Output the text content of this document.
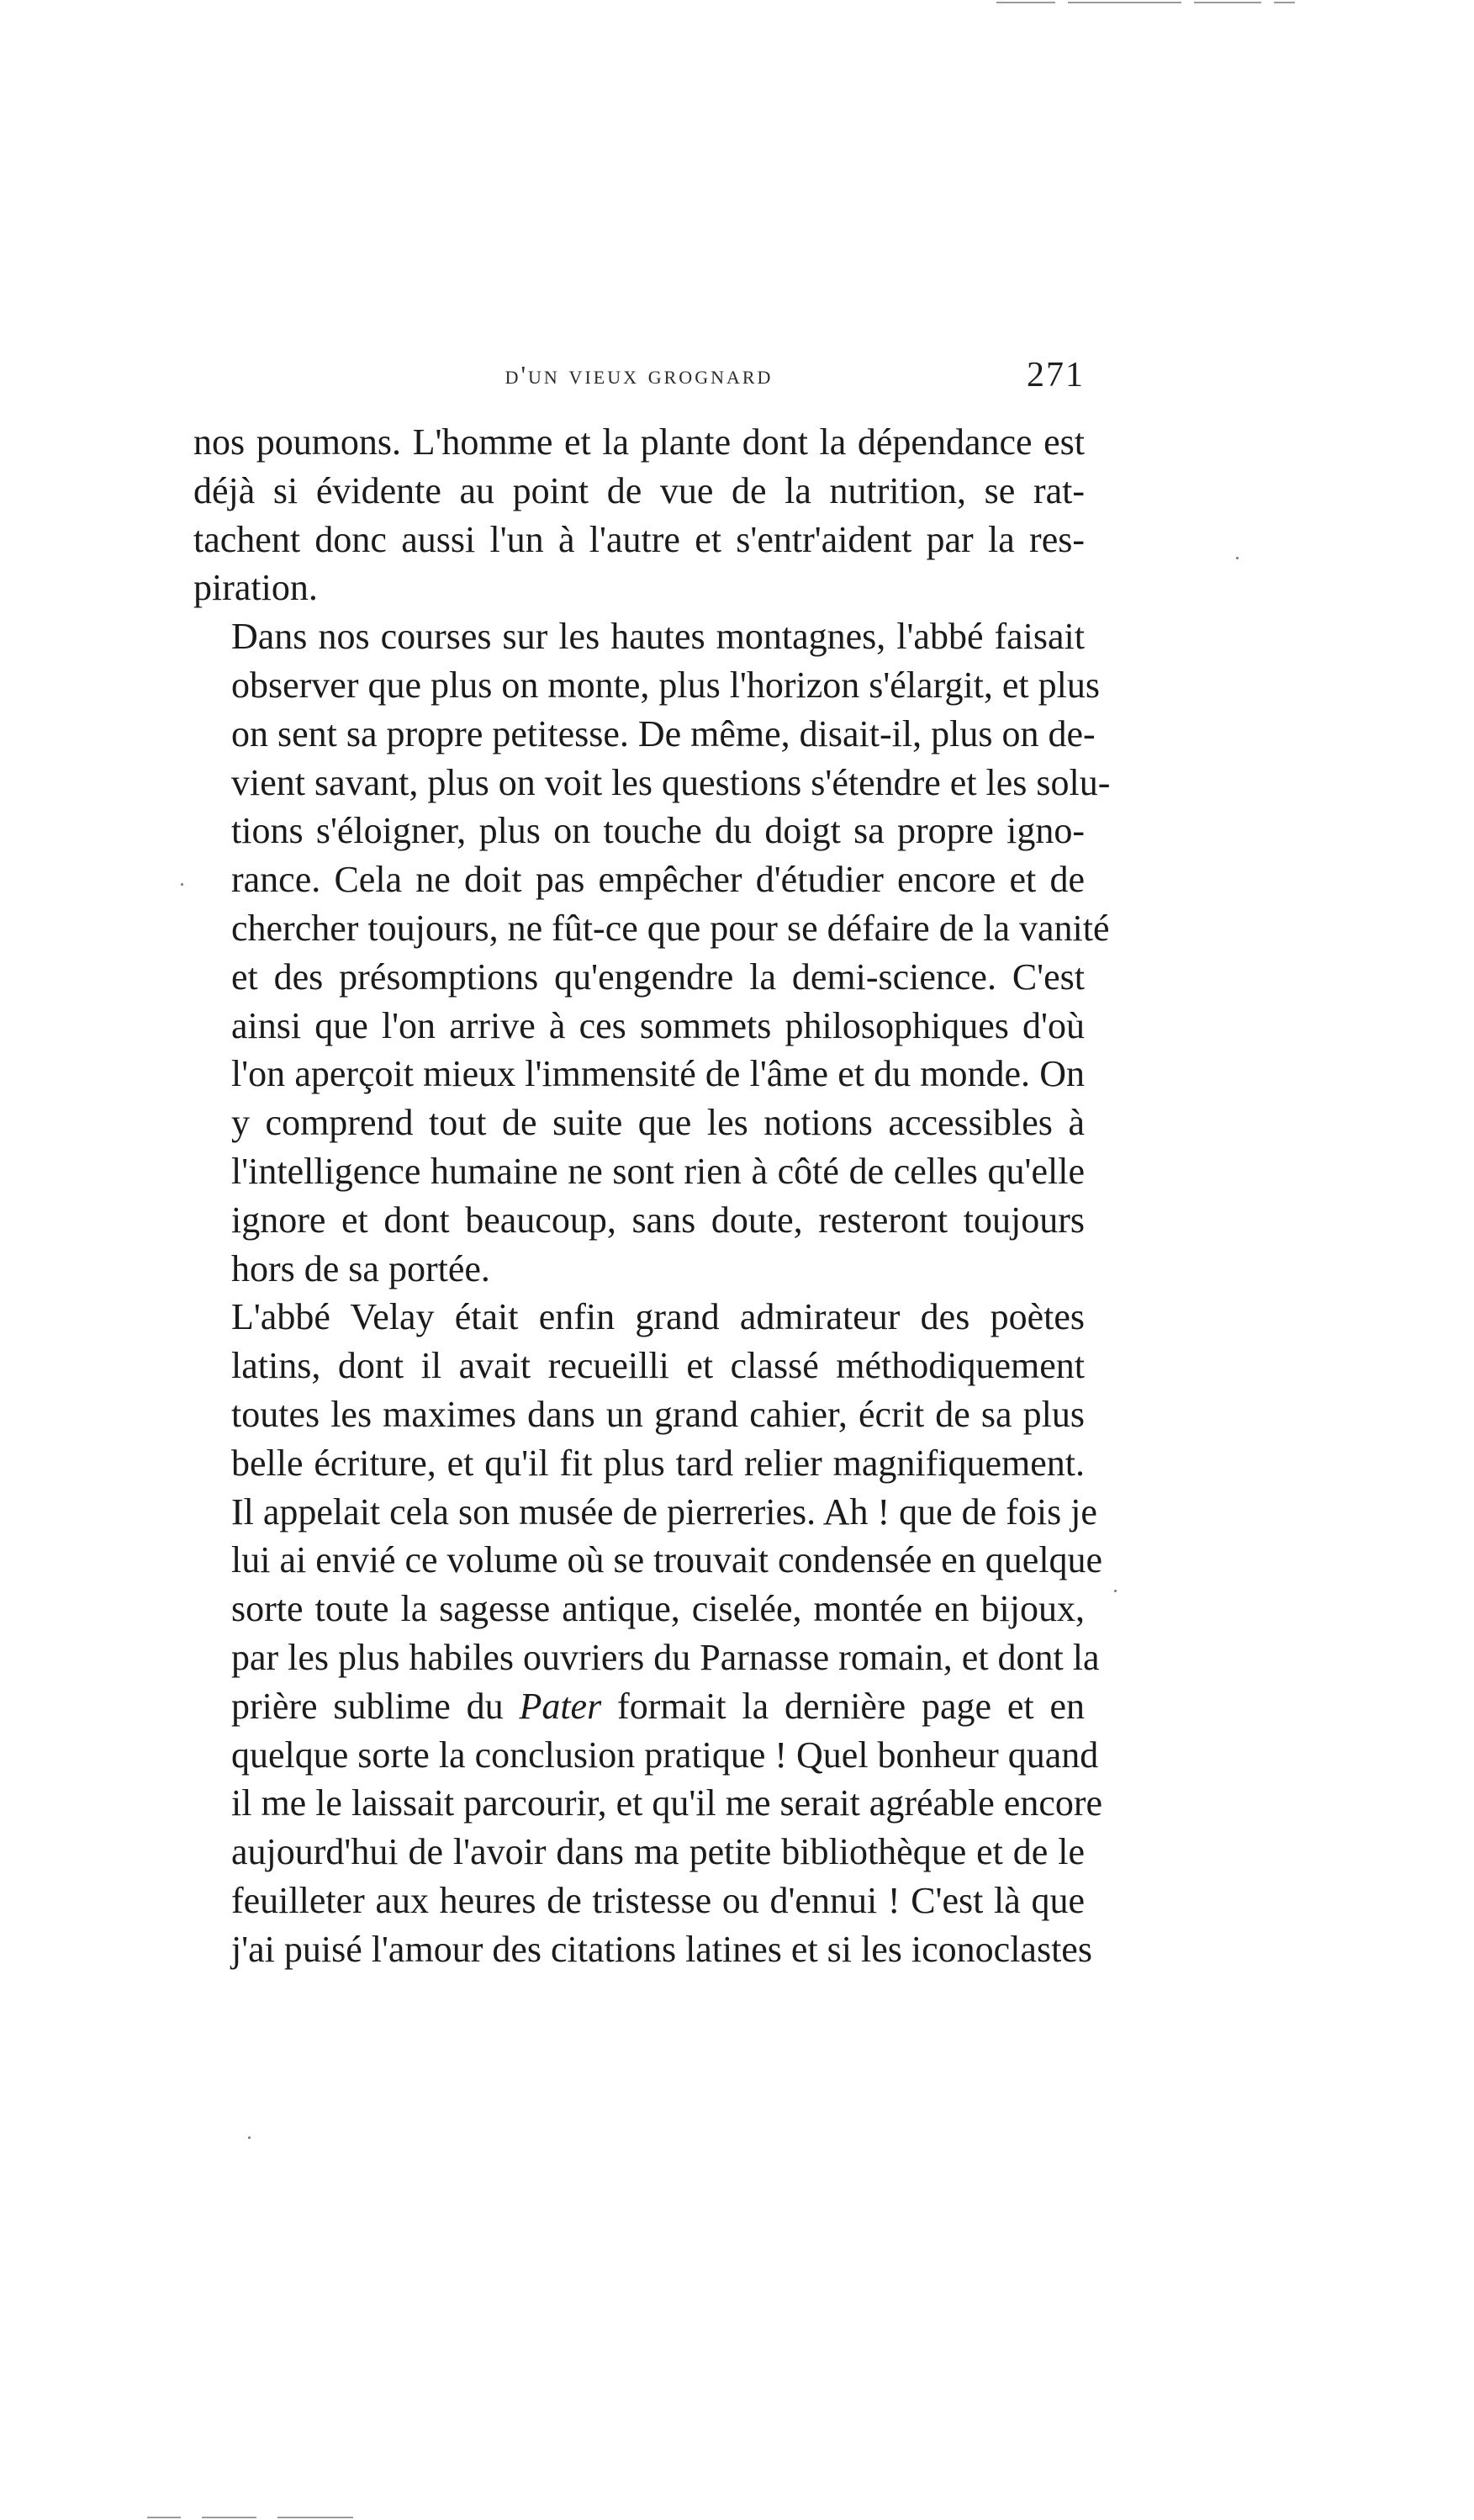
d'un vieux grognard	271

nos poumons. L'homme et la plante dont la dépendance est
déjà si évidente au point de vue de la nutrition, se rat-
tachent donc aussi l'un à l'autre et s'entr'aident par la res-
piration.

Dans nos courses sur les hautes montagnes, l'abbé faisait
observer que plus on monte, plus l'horizon s'élargit, et plus
on sent sa propre petitesse. De même, disait-il, plus on de-
vient savant, plus on voit les questions s'étendre et les solu-
tions s'éloigner, plus on touche du doigt sa propre igno-
rance. Cela ne doit pas empêcher d'étudier encore et de
chercher toujours, ne fût-ce que pour se défaire de la vanité
et des présomptions qu'engendre la demi-science. C'est
ainsi que l'on arrive à ces sommets philosophiques d'où
l'on aperçoit mieux l'immensité de l'âme et du monde. On
y comprend tout de suite que les notions accessibles à
l'intelligence humaine ne sont rien à côté de celles qu'elle
ignore et dont beaucoup, sans doute, resteront toujours
hors de sa portée.

L'abbé Velay était enfin grand admirateur des poètes
latins, dont il avait recueilli et classé méthodiquement
toutes les maximes dans un grand cahier, écrit de sa plus
belle écriture, et qu'il fit plus tard relier magnifiquement.
Il appelait cela son musée de pierreries. Ah ! que de fois je
lui ai envié ce volume où se trouvait condensée en quelque
sorte toute la sagesse antique, ciselée, montée en bijoux,
par les plus habiles ouvriers du Parnasse romain, et dont la
prière sublime du Pater formait la dernière page et en
quelque sorte la conclusion pratique ! Quel bonheur quand
il me le laissait parcourir, et qu'il me serait agréable encore
aujourd'hui de l'avoir dans ma petite bibliothèque et de le
feuilleter aux heures de tristesse ou d'ennui ! C'est là que
j'ai puisé l'amour des citations latines et si les iconoclastes
